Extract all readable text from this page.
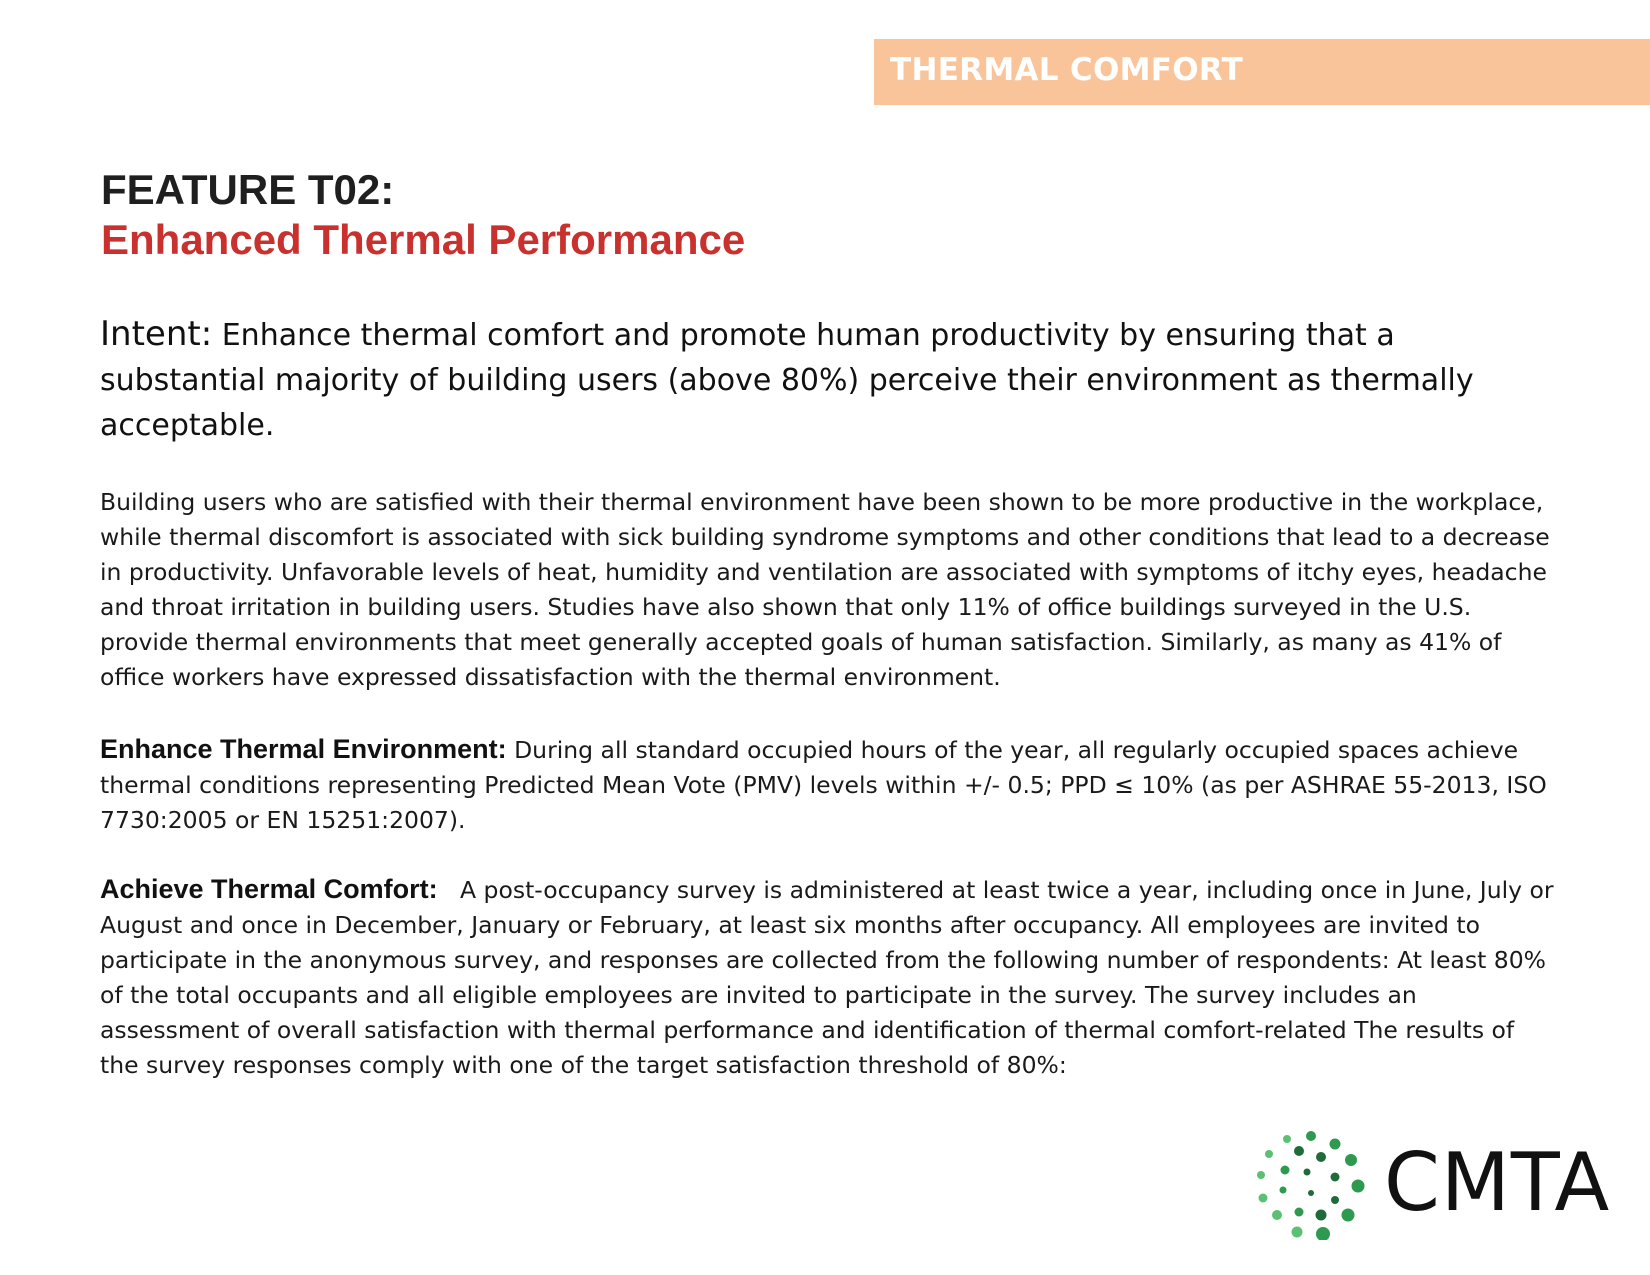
THERMAL COMFORT
FEATURE T02:
Enhanced Thermal Performance
Intent: Enhance thermal comfort and promote human productivity by ensuring that a substantial majority of building users (above 80%) perceive their environment as thermally acceptable.
Building users who are satisfied with their thermal environment have been shown to be more productive in the workplace, while thermal discomfort is associated with sick building syndrome symptoms and other conditions that lead to a decrease in productivity. Unfavorable levels of heat, humidity and ventilation are associated with symptoms of itchy eyes, headache and throat irritation in building users. Studies have also shown that only 11% of office buildings surveyed in the U.S. provide thermal environments that meet generally accepted goals of human satisfaction. Similarly, as many as 41% of office workers have expressed dissatisfaction with the thermal environment.
Enhance Thermal Environment: During all standard occupied hours of the year, all regularly occupied spaces achieve thermal conditions representing Predicted Mean Vote (PMV) levels within +/- 0.5; PPD ≤ 10% (as per ASHRAE 55-2013, ISO 7730:2005 or EN 15251:2007).
Achieve Thermal Comfort: A post-occupancy survey is administered at least twice a year, including once in June, July or August and once in December, January or February, at least six months after occupancy. All employees are invited to participate in the anonymous survey, and responses are collected from the following number of respondents: At least 80% of the total occupants and all eligible employees are invited to participate in the survey. The survey includes an assessment of overall satisfaction with thermal performance and identification of thermal comfort-related The results of the survey responses comply with one of the target satisfaction threshold of 80%:
CMTA
